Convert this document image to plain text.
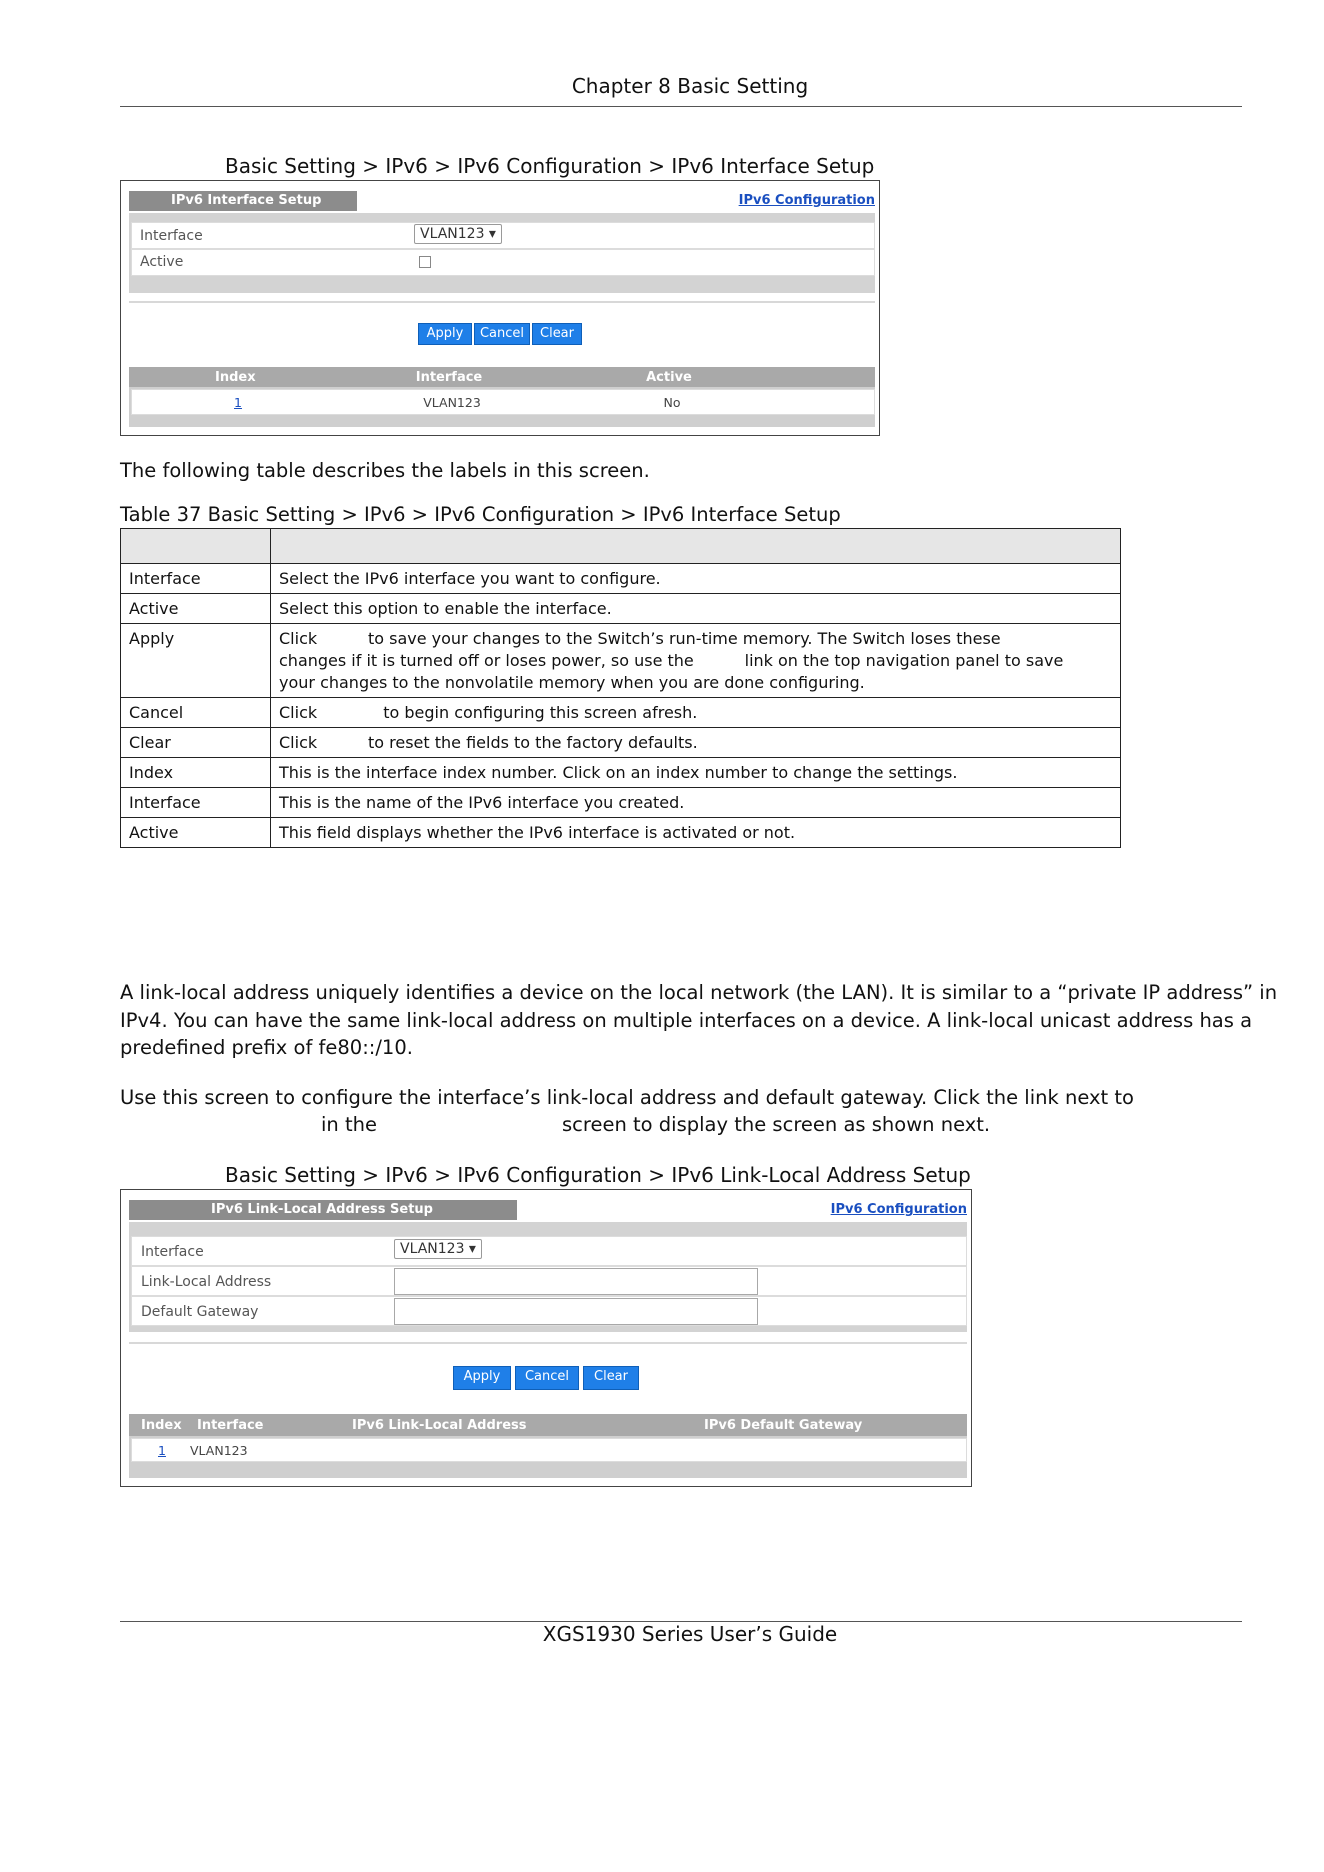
Chapter 8 Basic Setting
Basic Setting > IPv6 > IPv6 Configuration > IPv6 Interface Setup
IPv6 Interface Setup	IPv6 Configuration
Interface	VLAN123 ▾
Active
Apply	Cancel	Clear
Index	Interface	Active
1	VLAN123	No
The following table describes the labels in this screen.
Table 37 Basic Setting > IPv6 > IPv6 Configuration > IPv6 Interface Setup

Interface	Select the IPv6 interface you want to configure.
Active	Select this option to enable the interface.
Apply	Click          to save your changes to the Switch’s run-time memory. The Switch loses these
changes if it is turned off or loses power, so use the          link on the top navigation panel to save
your changes to the nonvolatile memory when you are done configuring.

Cancel	Click             to begin configuring this screen afresh.
Clear	Click          to reset the fields to the factory defaults.
Index	This is the interface index number. Click on an index number to change the settings.
Interface	This is the name of the IPv6 interface you created.
Active	This field displays whether the IPv6 interface is activated or not.
A link-local address uniquely identifies a device on the local network (the LAN). It is similar to a “private IP address” in
IPv4. You can have the same link-local address on multiple interfaces on a device. A link-local unicast address has a
predefined prefix of fe80::/10.
Use this screen to configure the interface’s link-local address and default gateway. Click the link next to
in the	screen to display the screen as shown next.
Basic Setting > IPv6 > IPv6 Configuration > IPv6 Link-Local Address Setup
IPv6 Link-Local Address Setup	IPv6 Configuration
Interface	VLAN123 ▾
Link-Local Address
Default Gateway
Apply	Cancel	Clear
Index Interface	IPv6 Link-Local Address	IPv6 Default Gateway
1 VLAN123
XGS1930 Series User’s Guide
